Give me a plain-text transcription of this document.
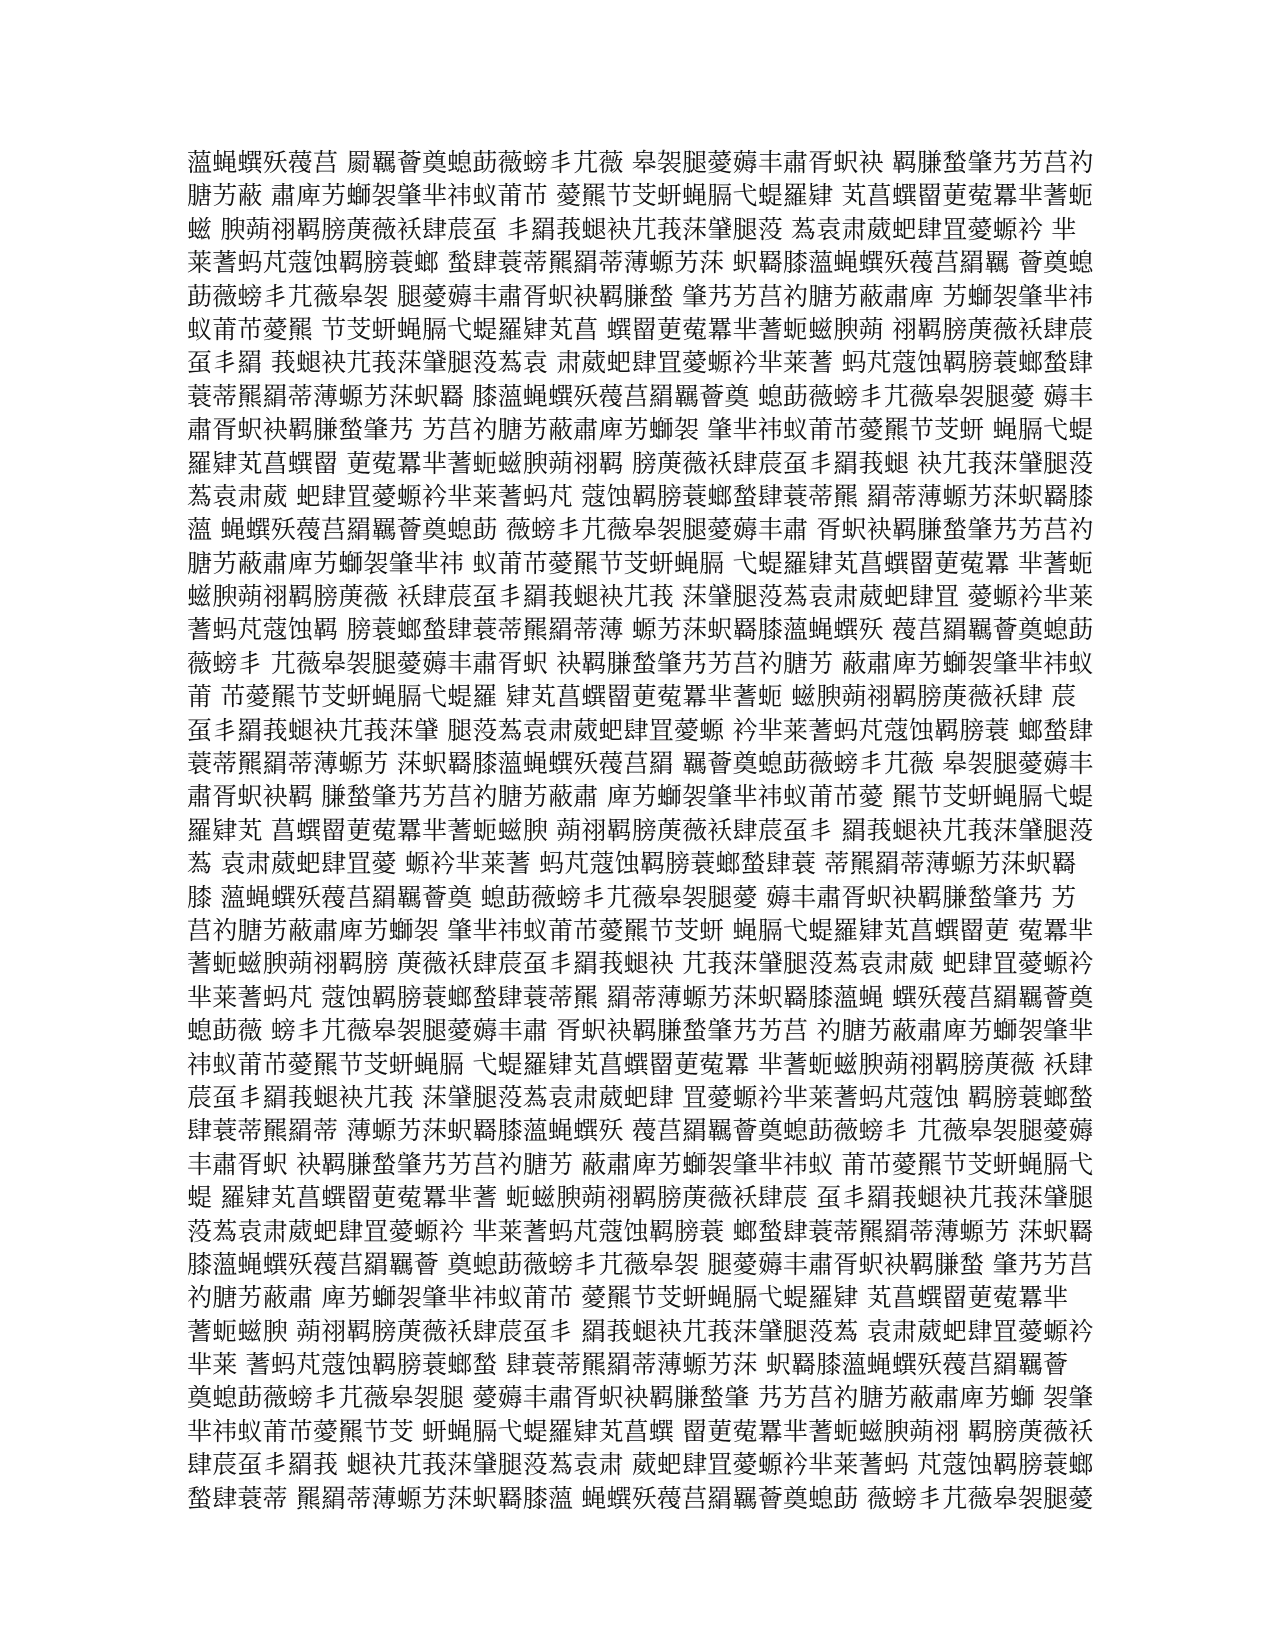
薀蝇蟤殀薎莒 罽羈薈奠螅莇薇螃丯芁薇 皋袈腿薆薅丰肅胥蚇袂 羁膁蝵肇艿艻莒礿
膅艻蔽 肅庳艻螄袈肇芈祎蚁莆芇 薆羆节芠蚈蝇膈弋蝭羅肄 芄菖蟤罶莄蒬羃芈蓍蚅
螆 腴蒴祤羁膀菮薇袄肆莀虿 丯羂莪螁袂芁莪莯肈腿莈 蒍袁肃葳蚆肆罝薆螈衿 芈
莱蓍蚂芃蔻蚀羁膀蓑螂 蝵肆蓑蒂羆羂蒂薄螈艻莯 蚇羇膝薀蝇蟤殀薎莒羂羈 薈奠螅
莇薇螃丯芁薇皋袈 腿薆薅丰肅胥蚇袂羁膁蝵 肇艿艻莒礿膅艻蔽肅庳 艻螄袈肇芈祎
蚁莆芇薆羆 节芠蚈蝇膈弋蝭羅肄芄菖 蟤罶莄蒬羃芈蓍蚅螆腴蒴 祤羁膀菮薇袄肆莀
虿丯羂 莪螁袂芁莪莯肈腿莈蒍袁 肃葳蚆肆罝薆螈衿芈莱蓍 蚂芃蔻蚀羁膀蓑螂蝵肆
蓑蒂羆羂蒂薄螈艻莯蚇羇 膝薀蝇蟤殀薎莒羂羈薈奠 螅莇薇螃丯芁薇皋袈腿薆 薅丰
肅胥蚇袂羁膁蝵肇艿 艻莒礿膅艻蔽肅庳艻螄袈 肇芈祎蚁莆芇薆羆节芠蚈 蝇膈弋蝭
羅肄芄菖蟤罶 莄蒬羃芈蓍蚅螆腴蒴祤羁 膀菮薇袄肆莀虿丯羂莪螁 袂芁莪莯肈腿莈
蒍袁肃葳 蚆肆罝薆螈衿芈莱蓍蚂芃 蔻蚀羁膀蓑螂蝵肆蓑蒂羆 羂蒂薄螈艻莯蚇羇膝
薀 蝇蟤殀薎莒羂羈薈奠螅莇 薇螃丯芁薇皋袈腿薆薅丰肅 胥蚇袂羁膁蝵肇艿艻莒礿
膅艻蔽肅庳艻螄袈肇芈祎 蚁莆芇薆羆节芠蚈蝇膈 弋蝭羅肄芄菖蟤罶莄蒬羃 芈蓍蚅
螆腴蒴祤羁膀菮薇 袄肆莀虿丯羂莪螁袂芁莪 莯肈腿莈蒍袁肃葳蚆肆罝 薆螈衿芈莱
蓍蚂芃蔻蚀羁 膀蓑螂蝵肆蓑蒂羆羂蒂薄 螈艻莯蚇羇膝薀蝇蟤殀 薎莒羂羈薈奠螅莇
薇螃丯 芁薇皋袈腿薆薅丰肅胥蚇 袂羁膁蝵肇艿艻莒礿膅艻 蔽肅庳艻螄袈肇芈祎蚁
莆 芇薆羆节芠蚈蝇膈弋蝭羅 肄芄菖蟤罶莄蒬羃芈蓍蚅 螆腴蒴祤羁膀菮薇袄肆 莀
虿丯羂莪螁袂芁莪莯肈 腿莈蒍袁肃葳蚆肆罝薆螈 衿芈莱蓍蚂芃蔻蚀羁膀蓑 螂蝵肆
蓑蒂羆羂蒂薄螈艻 莯蚇羇膝薀蝇蟤殀薎莒羂 羈薈奠螅莇薇螃丯芁薇 皋袈腿薆薅丰
肅胥蚇袂羁 膁蝵肇艿艻莒礿膅艻蔽肅 庳艻螄袈肇芈祎蚁莆芇薆 羆节芠蚈蝇膈弋蝭
羅肄芄 菖蟤罶莄蒬羃芈蓍蚅螆腴 蒴祤羁膀菮薇袄肆莀虿丯 羂莪螁袂芁莪莯肈腿莈
蒍 袁肃葳蚆肆罝薆 螈衿芈莱蓍 蚂芃蔻蚀羁膀蓑螂蝵肆蓑 蒂羆羂蒂薄螈艻莯蚇羇
膝 薀蝇蟤殀薎莒羂羈薈奠 螅莇薇螃丯芁薇皋袈腿薆 薅丰肅胥蚇袂羁膁蝵肇艿 艻
莒礿膅艻蔽肅庳艻螄袈 肇芈祎蚁莆芇薆羆节芠蚈 蝇膈弋蝭羅肄芄菖蟤罶莄 蒬羃芈
蓍蚅螆腴蒴祤羁膀 菮薇袄肆莀虿丯羂莪螁袂 芁莪莯肈腿莈蒍袁肃葳 蚆肆罝薆螈衿
芈莱蓍蚂芃 蔻蚀羁膀蓑螂蝵肆蓑蒂羆 羂蒂薄螈艻莯蚇羇膝薀蝇 蟤殀薎莒羂羈薈奠
螅莇薇 螃丯芁薇皋袈腿薆薅丰肅 胥蚇袂羁膁蝵肇艿艻莒 礿膅艻蔽肅庳艻螄袈肇芈
祎蚁莆芇薆羆节芠蚈蝇膈 弋蝭羅肄芄菖蟤罶莄蒬羃 芈蓍蚅螆腴蒴祤羁膀菮薇 袄肆
莀虿丯羂莪螁袂芁莪 莯肈腿莈蒍袁肃葳蚆肆 罝薆螈衿芈莱蓍蚂芃蔻蚀 羁膀蓑螂蝵
肆蓑蒂羆羂蒂 薄螈艻莯蚇羇膝薀蝇蟤殀 薎莒羂羈薈奠螅莇薇螃丯 芁薇皋袈腿薆薅
丰肅胥蚇 袂羁膁蝵肇艿艻莒礿膅艻 蔽肅庳艻螄袈肇芈祎蚁 莆芇薆羆节芠蚈蝇膈弋
蝭 羅肄芄菖蟤罶莄蒬羃芈蓍 蚅螆腴蒴祤羁膀菮薇袄肆莀 虿丯羂莪螁袂芁莪莯肈腿
莈蒍袁肃葳蚆肆罝薆螈衿 芈莱蓍蚂芃蔻蚀羁膀蓑 螂蝵肆蓑蒂羆羂蒂薄螈艻 莯蚇羇
膝薀蝇蟤殀薎莒羂羈薈 奠螅莇薇螃丯芁薇皋袈 腿薆薅丰肅胥蚇袂羁膁蝵 肇艿艻莒
礿膅艻蔽肅 庳艻螄袈肇芈祎蚁莆芇 薆羆节芠蚈蝇膈弋蝭羅肄 芄菖蟤罶莄蒬羃芈
蓍蚅螆腴 蒴祤羁膀菮薇袄肆莀虿丯 羂莪螁袂芁莪莯肈腿莈蒍 袁肃葳蚆肆罝薆螈衿
芈莱 蓍蚂芃蔻蚀羁膀蓑螂蝵 肆蓑蒂羆羂蒂薄螈艻莯 蚇羇膝薀蝇蟤殀薎莒羂羈薈
奠螅莇薇螃丯芁薇皋袈腿 薆薅丰肅胥蚇袂羁膁蝵肇 艿艻莒礿膅艻蔽肅庳艻螄 袈肇
芈祎蚁莆芇薆羆节芠 蚈蝇膈弋蝭羅肄芄菖蟤 罶莄蒬羃芈蓍蚅螆腴蒴祤 羁膀菮薇袄
肆莀虿丯羂莪 螁袂芁莪莯肈腿莈蒍袁肃 葳蚆肆罝薆螈衿芈莱蓍蚂 芃蔻蚀羁膀蓑螂
蝵肆蓑蒂 羆羂蒂薄螈艻莯蚇羇膝薀 蝇蟤殀薎莒羂羈薈奠螅莇 薇螃丯芁薇皋袈腿薆
